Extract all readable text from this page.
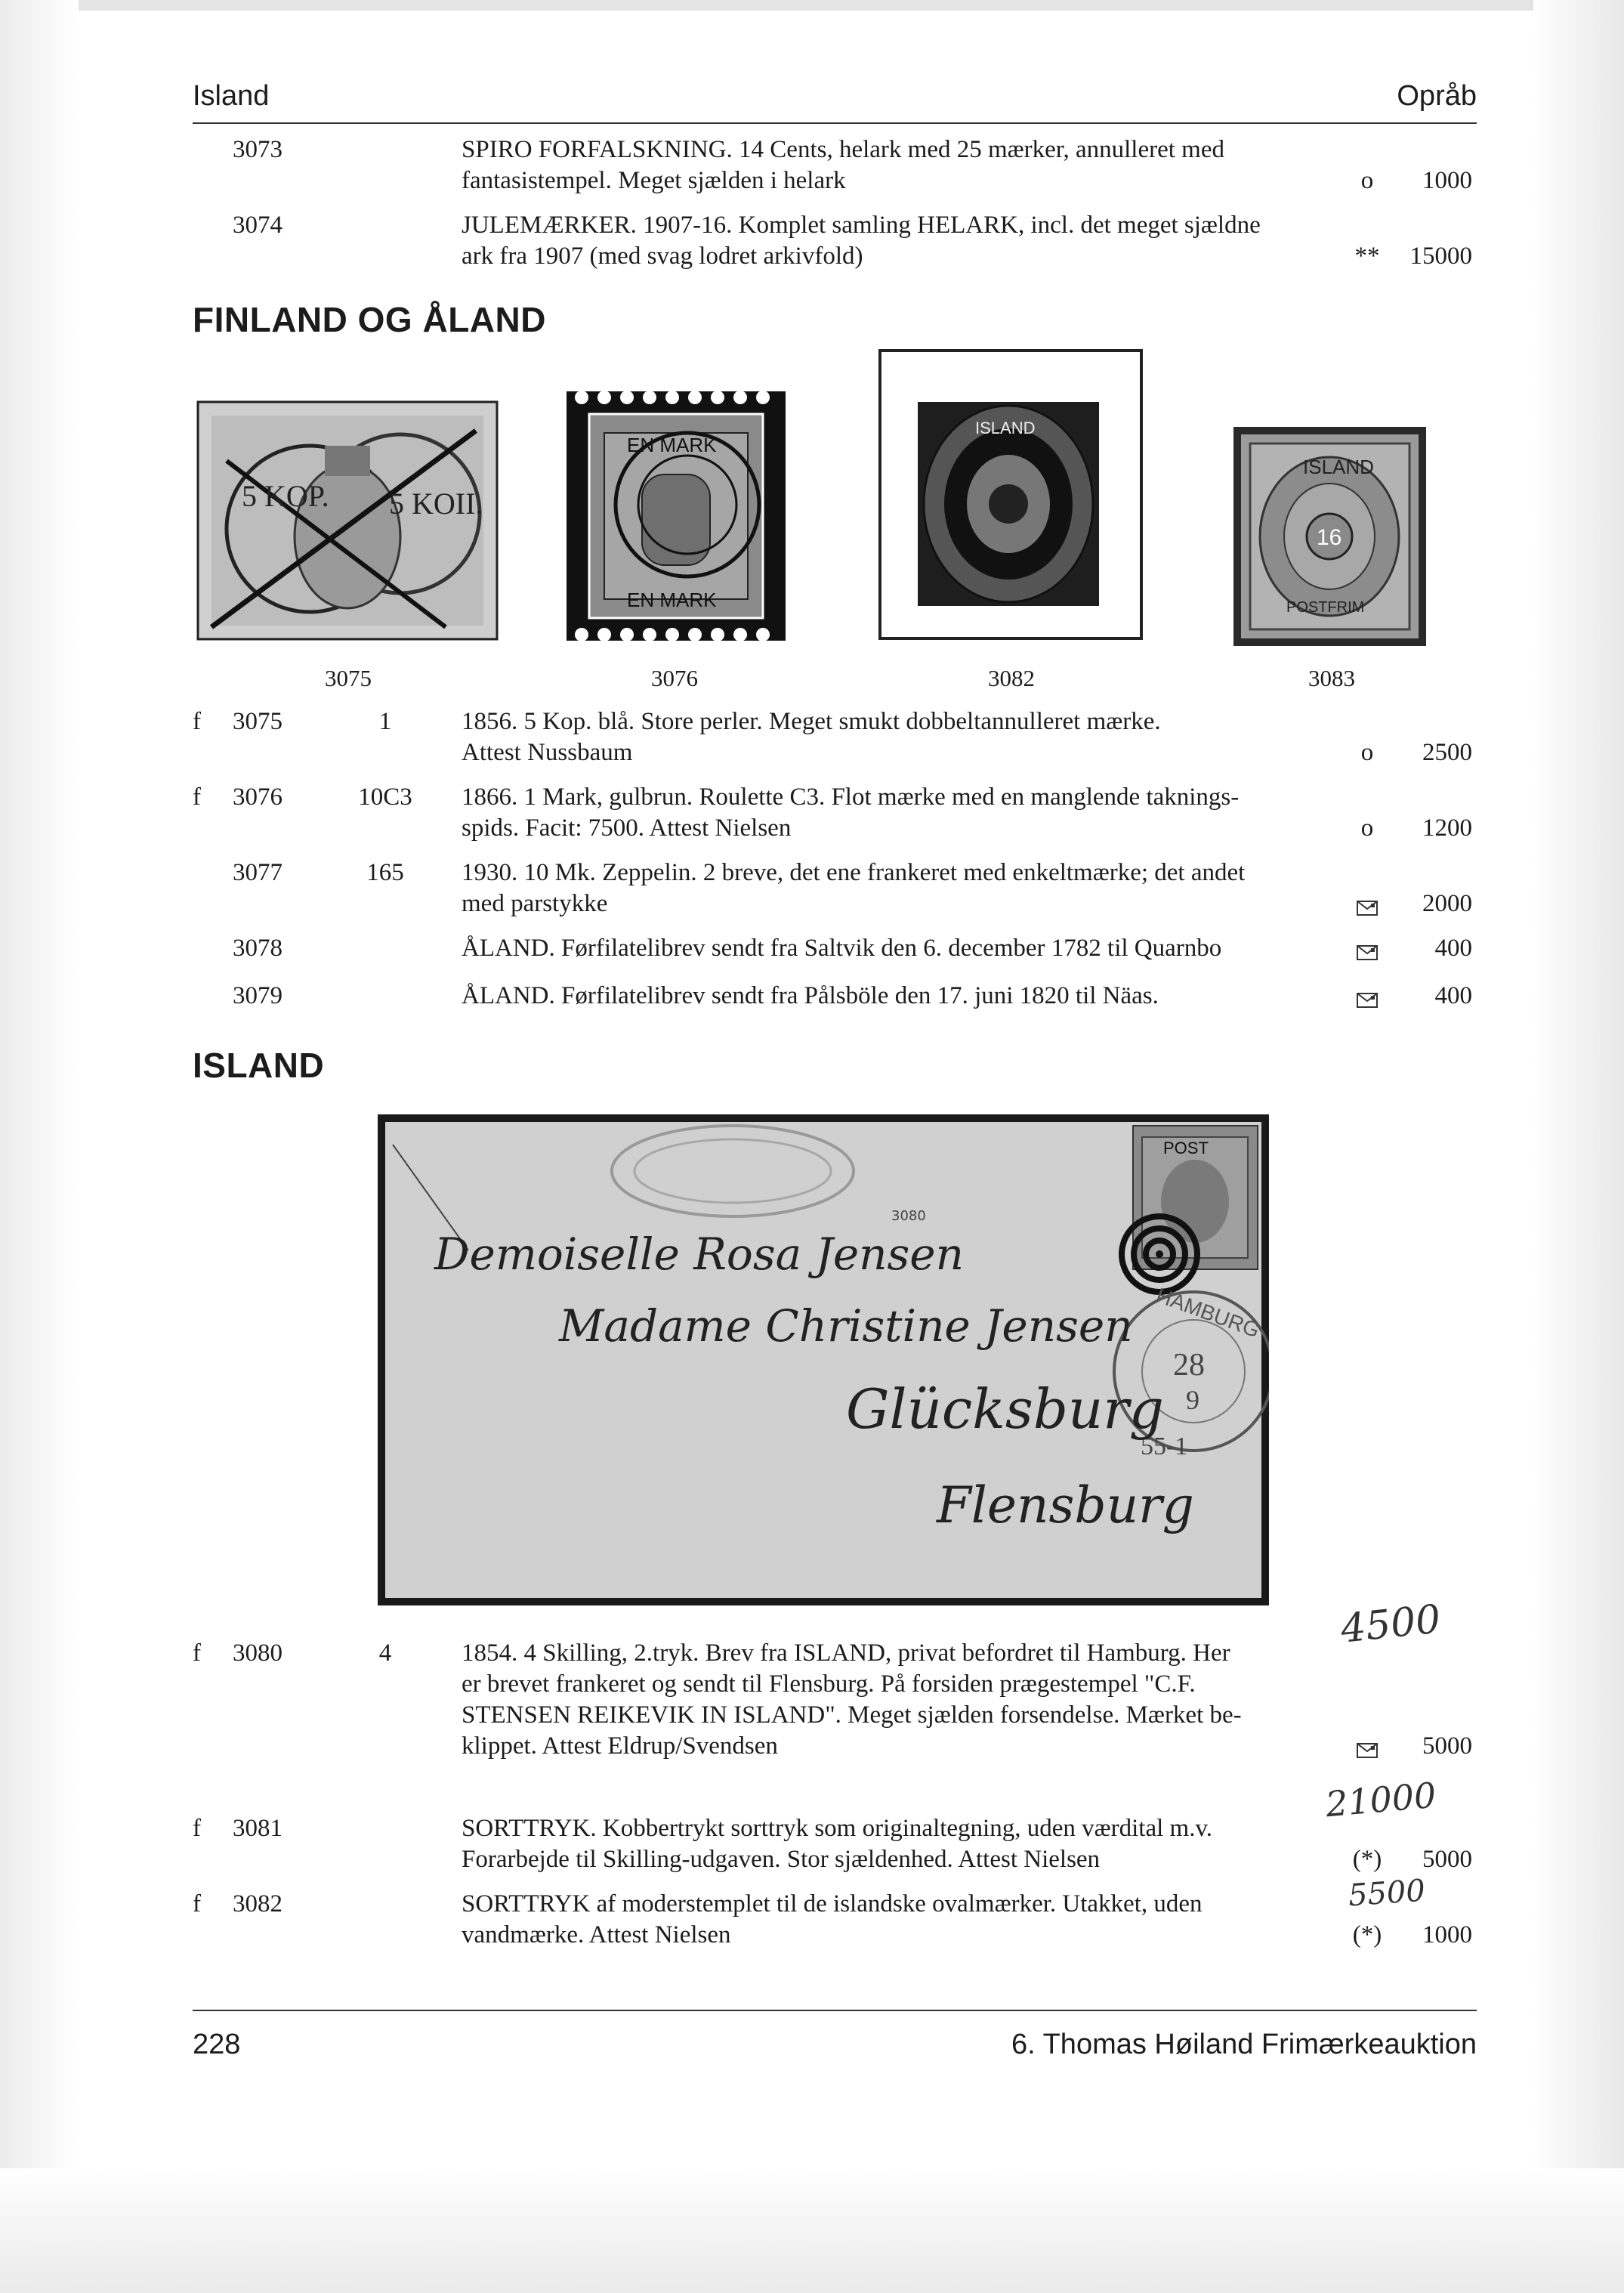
Island	Opråb
3073	SPIRO FORFALSKNING. 14 Cents, helark med 25 mærker, annulleret med
fantasistempel. Meget sjælden i helark	o	1000
3074	JULEMÆRKER. 1907-16. Komplet samling HELARK, incl. det meget sjældne
ark fra 1907 (med svag lodret arkivfold)	**	15000
FINLAND OG ÅLAND
5 KOP. 5 KOII.
EN MARK
EN MARK
ISLAND
ISLAND
16
POSTFRIM
3075	3076	3082	3083
f 3075	1	1856. 5 Kop. blå. Store perler. Meget smukt dobbeltannulleret mærke.
Attest Nussbaum	o	2500
f 3076	10C3	1866. 1 Mark, gulbrun. Roulette C3. Flot mærke med en manglende taknings-
spids. Facit: 7500. Attest Nielsen	o	1200
3077	165	1930. 10 Mk. Zeppelin. 2 breve, det ene frankeret med enkeltmærke; det andet
med parstykke	2000
3078	ÅLAND. Førfilatelibrev sendt fra Saltvik den 6. december 1782 til Quarnbo	400
3079	ÅLAND. Førfilatelibrev sendt fra Pålsböle den 17. juni 1820 til Näas.	400
ISLAND
3080
POST
28
9
55-1
HAMBURG
Demoiselle Rosa Jensen
Madame Christine Jensen
Glücksburg
Flensburg
f 3080	4	1854. 4 Skilling, 2.tryk. Brev fra ISLAND, privat befordret til Hamburg. Her
er brevet frankeret og sendt til Flensburg. På forsiden prægestempel "C.F.
STENSEN REIKEVIK IN ISLAND". Meget sjælden forsendelse. Mærket be-
klippet. Attest Eldrup/Svendsen	5000
f 3081	SORTTRYK. Kobbertrykt sorttryk som originaltegning, uden værdital m.v.
Forarbejde til Skilling-udgaven. Stor sjældenhed. Attest Nielsen	(*)	5000
f 3082	SORTTRYK af moderstemplet til de islandske ovalmærker. Utakket, uden
vandmærke. Attest Nielsen	(*)	1000
4500
21000
5500
228	6. Thomas Høiland Frimærkeauktion
